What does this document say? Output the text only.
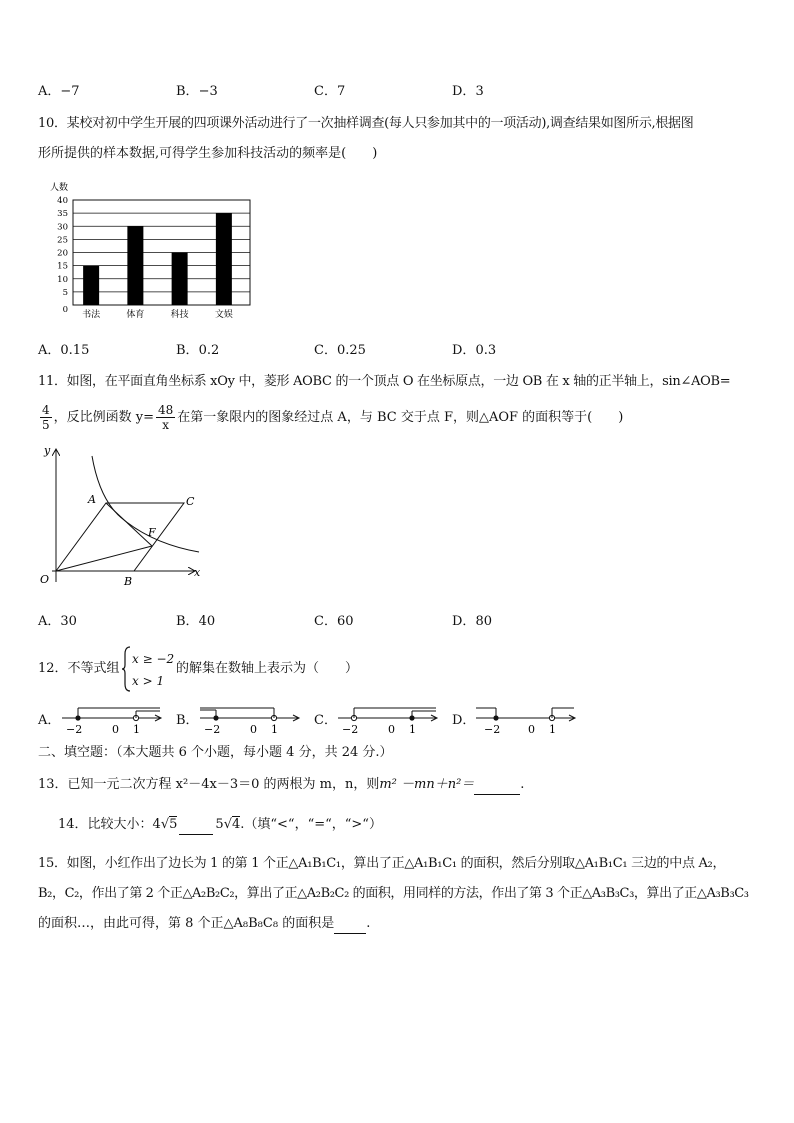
A．−7	B．−3	C．7	D．3
10．某校对初中学生开展的四项课外活动进行了一次抽样调查(每人只参加其中的一项活动),调查结果如图所示,根据图
形所提供的样本数据,可得学生参加科技活动的频率是(　　)
人数
0
5
10
15
20
25
30
35
40
书法	体育	科技	文娱
A．0.15	B．0.2	C．0.25	D．0.3
11．如图，在平面直角坐标系 xOy 中，菱形 AOBC 的一个顶点 O 在坐标原点，一边 OB 在 x 轴的正半轴上，sin∠AOB=
$\frac{4}{5}$ ，反比例函数 $y= \frac{48}{x}$ 在第一象限内的图象经过点 A，与 BC 交于点 F，则△AOF 的面积等于(　　)
y
x
O
A
B
C
F
A．30	B．40	C．60	D．80
12．不等式组
x ≥ −2
x > 1
的解集在数轴上表示为（　　）
A．
−2	0 1
B．
−2	0 1
C．
−2	0 1
D．
−2	0 1
二、填空题：（本大题共 6 个小题，每小题 4 分，共 24 分.）
13．已知一元二次方程 x²－4x－3＝0 的两根为 m，n，则m² －mn＋n²＝	.
14．比较大小：4√5	5√4.（填“<“，“=“，“>“）
15．如图，小红作出了边长为 1 的第 1 个正△A₁B₁C₁，算出了正△A₁B₁C₁ 的面积，然后分别取△A₁B₁C₁ 三边的中点 A₂，
B₂，C₂，作出了第 2 个正△A₂B₂C₂，算出了正△A₂B₂C₂ 的面积，用同样的方法，作出了第 3 个正△A₃B₃C₃，算出了正△A₃B₃C₃
的面积…，由此可得，第 8 个正△A₈B₈C₈ 的面积是 .
